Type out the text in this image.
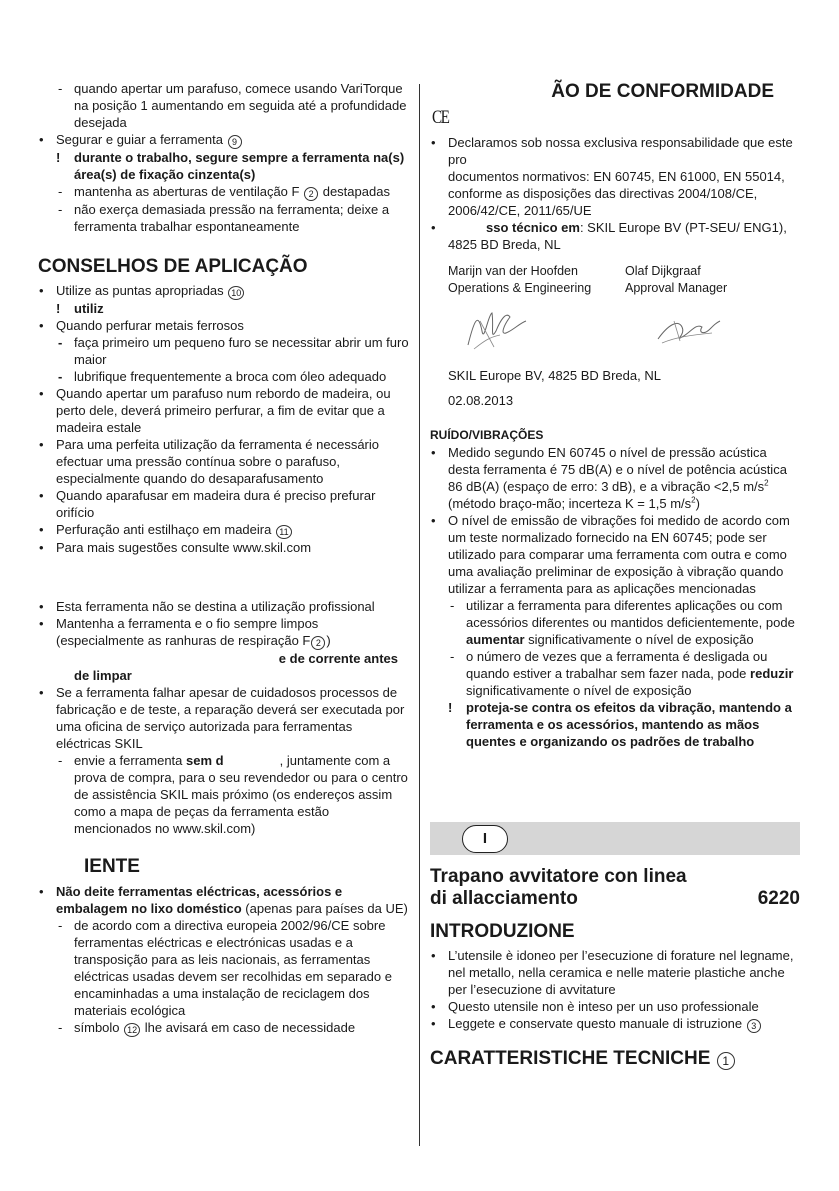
- quando apertar um parafuso, comece usando VariTorque na posição 1 aumentando em seguida até a profundidade desejada

• Segurar e guiar a ferramenta 9

! durante o trabalho, segure sempre a ferramenta na(s) área(s) de fixação cinzenta(s)

- mantenha as aberturas de ventilação F 2 destapadas

- não exerça demasiada pressão na ferramenta; deixe a ferramenta trabalhar espontaneamente

CONSELHOS DE APLICAÇÃO

• Utilize as puntas apropriadas 10

! utiliz

• Quando perfurar metais ferrosos

- faça primeiro um pequeno furo se necessitar abrir um furo maior

- lubrifique frequentemente a broca com óleo adequado

• Quando apertar um parafuso num rebordo de madeira, ou perto dele, deverá primeiro perfurar, a fim de evitar que a madeira estale

• Para uma perfeita utilização da ferramenta é necessário efectuar uma pressão contínua sobre o parafuso, especialmente quando do desaparafusamento

• Quando aparafusar em madeira dura é preciso prefurar orifício

• Perfuração anti estilhaço em madeira 11

• Para mais sugestões consulte www.skil.com

• Esta ferramenta não se destina a utilização profissional

• Mantenha a ferramenta e o fio sempre limpos (especialmente as ranhuras de respiração F 2 )

e de corrente antes

de limpar

• Se a ferramenta falhar apesar de cuidadosos processos de fabricação e de teste, a reparação deverá ser executada por uma oficina de serviço autorizada para ferramentas eléctricas SKIL

- envie a ferramenta sem d	, juntamente com a prova de compra, para o seu revendedor ou para o centro de assistência SKIL mais próximo (os endereços assim como a mapa de peças da ferramenta estão mencionados no www.skil.com)

IENTE

• Não deite ferramentas eléctricas, acessórios e embalagem no lixo doméstico (apenas para países da UE)

- de acordo com a directiva europeia 2002/96/CE sobre ferramentas eléctricas e electrónicas usadas e a transposição para as leis nacionais, as ferramentas eléctricas usadas devem ser recolhidas em separado e encaminhadas a uma instalação de reciclagem dos materiais ecológica

- símbolo 12 lhe avisará em caso de necessidade

ÃO DE CONFORMIDADE

CE

• Declaramos sob nossa exclusiva responsabilidade que este pro

documentos normativos: EN 60745, EN 61000, EN 55014, conforme as disposições das directivas 2004/108/CE, 2006/42/CE, 2011/65/UE

• sso técnico em: SKIL Europe BV (PT-SEU/ ENG1), 4825 BD Breda, NL

Marijn van der Hoofden

Operations & Engineering

Olaf Dijkgraaf

Approval Manager

SKIL Europe BV, 4825 BD Breda, NL

02.08.2013

RUÍDO/VIBRAÇÕES

• Medido segundo EN 60745 o nível de pressão acústica desta ferramenta é 75 dB(A) e o nível de potência acústica 86 dB(A) (espaço de erro: 3 dB), e a vibração <2,5 $m/s^2$ (método braço-mão; incerteza K = 1,5 $m/s^2$)

• O nível de emissão de vibrações foi medido de acordo com um teste normalizado fornecido na EN 60745; pode ser utilizado para comparar uma ferramenta com outra e como uma avaliação preliminar de exposição à vibração quando utilizar a ferramenta para as aplicações mencionadas

- utilizar a ferramenta para diferentes aplicações ou com acessórios diferentes ou mantidos deficientemente, pode aumentar significativamente o nível de exposição

- o número de vezes que a ferramenta é desligada ou quando estiver a trabalhar sem fazer nada, pode reduzir significativamente o nível de exposição

! proteja-se contra os efeitos da vibração, mantendo a ferramenta e os acessórios, mantendo as mãos quentes e organizando os padrões de trabalho

I

Trapano avvitatore con linea

di allacciamento	6220

INTRODUZIONE

• L’utensile è idoneo per l’esecuzione di forature nel legname, nel metallo, nella ceramica e nelle materie plastiche anche per l’esecuzione di avvitature

• Questo utensile non è inteso per un uso professionale

• Leggete e conservate questo manuale di istruzione 3

CARATTERISTICHE TECNICHE 1
